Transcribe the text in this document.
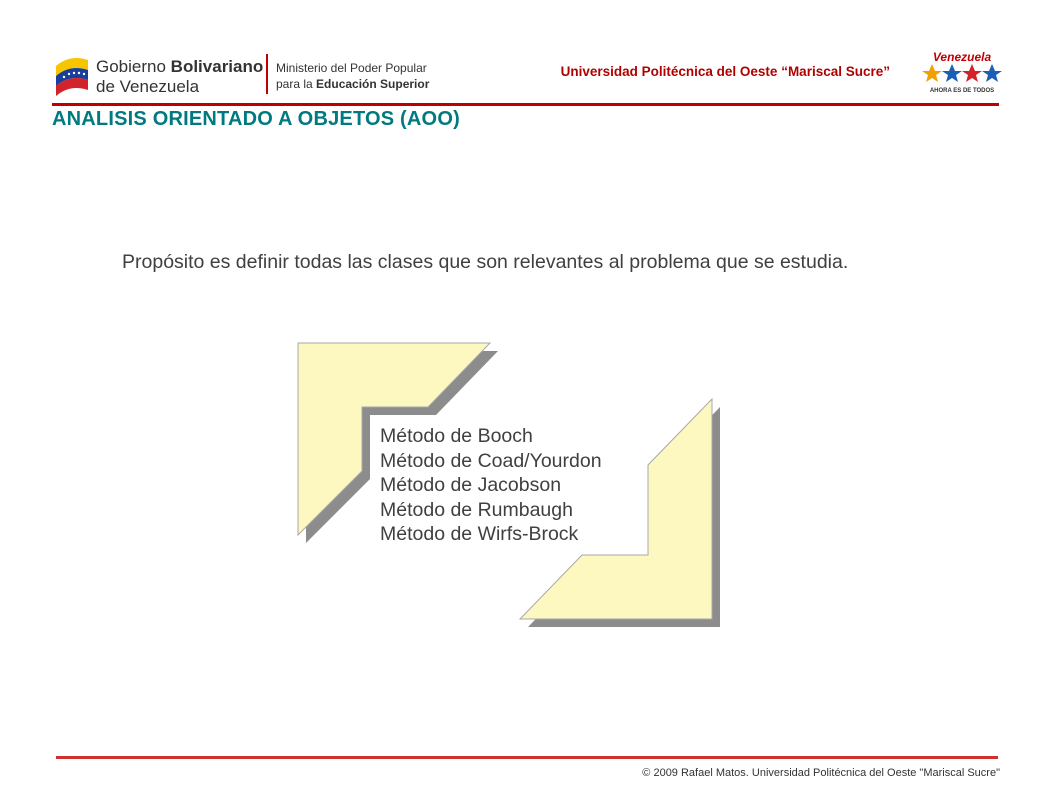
Gobierno Bolivariano
de Venezuela
Ministerio del Poder Popular
para la Educación Superior
Universidad Politécnica del Oeste “Mariscal Sucre”
Venezuela
AHORA ES DE TODOS
ANALISIS ORIENTADO A OBJETOS (AOO)
Propósito es definir todas las clases que son relevantes al problema que se estudia.
Método de Booch
Método de Coad/Yourdon
Método de Jacobson
Método de Rumbaugh
Método de Wirfs-Brock
© 2009 Rafael Matos. Universidad Politécnica del Oeste "Mariscal Sucre"
